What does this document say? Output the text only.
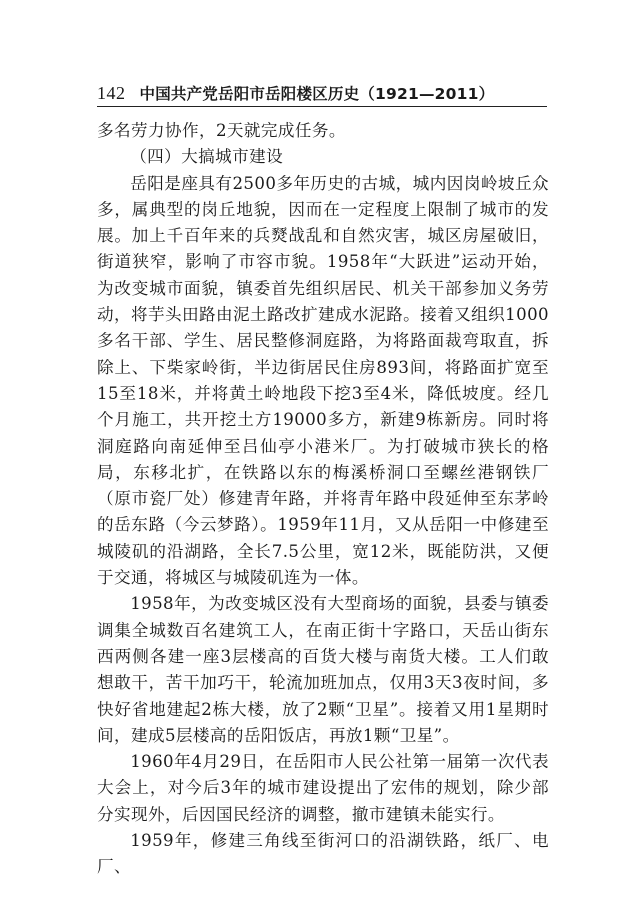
142 中国共产党岳阳市岳阳楼区历史（1921—2011）

多名劳力协作，2天就完成任务。

（四）大搞城市建设

岳阳是座具有2500多年历史的古城，城内因岗岭坡丘众多，属典型的岗丘地貌，因而在一定程度上限制了城市的发展。加上千百年来的兵燹战乱和自然灾害，城区房屋破旧，街道狭窄，影响了市容市貌。1958年“大跃进”运动开始，为改变城市面貌，镇委首先组织居民、机关干部参加义务劳动，将芋头田路由泥土路改扩建成水泥路。接着又组织1000多名干部、学生、居民整修洞庭路，为将路面裁弯取直，拆除上、下柴家岭街，半边街居民住房893间，将路面扩宽至15至18米，并将黄土岭地段下挖3至4米，降低坡度。经几个月施工，共开挖土方19000多方，新建9栋新房。同时将洞庭路向南延伸至吕仙亭小港米厂。为打破城市狭长的格局，东移北扩，在铁路以东的梅溪桥洞口至螺丝港钢铁厂（原市瓷厂处）修建青年路，并将青年路中段延伸至东茅岭的岳东路（今云梦路）。1959年11月，又从岳阳一中修建至城陵矶的沿湖路，全长7.5公里，宽12米，既能防洪，又便于交通，将城区与城陵矶连为一体。

1958年，为改变城区没有大型商场的面貌，县委与镇委调集全城数百名建筑工人，在南正街十字路口，天岳山街东西两侧各建一座3层楼高的百货大楼与南货大楼。工人们敢想敢干，苦干加巧干，轮流加班加点，仅用3天3夜时间，多快好省地建起2栋大楼，放了2颗“卫星”。接着又用1星期时间，建成5层楼高的岳阳饭店，再放1颗“卫星”。

1960年4月29日，在岳阳市人民公社第一届第一次代表大会上，对今后3年的城市建设提出了宏伟的规划，除少部分实现外，后因国民经济的调整，撤市建镇未能实行。

1959年，修建三角线至街河口的沿湖铁路，纸厂、电厂、
